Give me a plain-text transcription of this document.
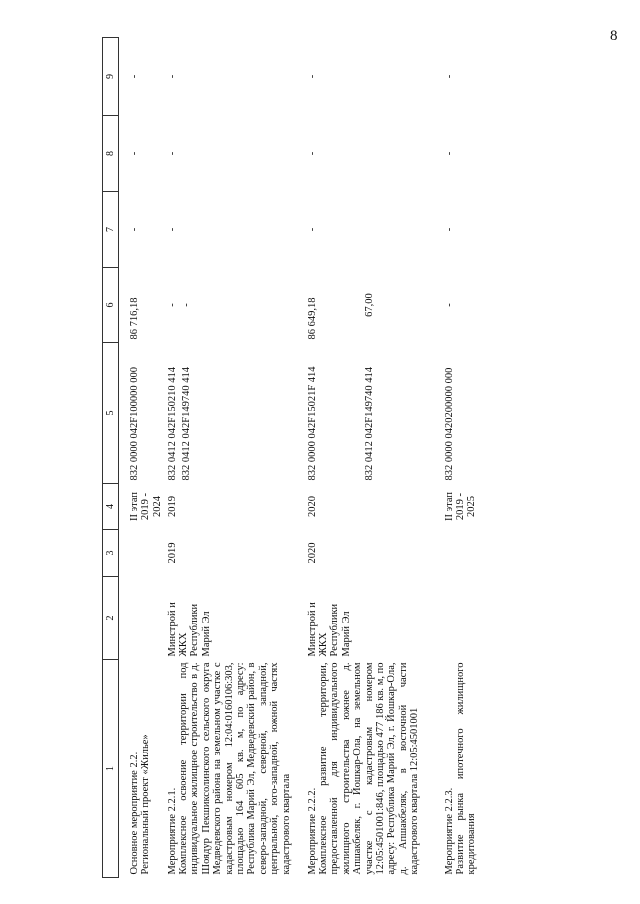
8
1	2	3	4	5	6	7	8	9

Основное мероприятие 2.2. Региональный проект «Жилье»			II этап 2019 - 2024	832 0000 042F100000 000	86 716,18	-	-	-

Мероприятие 2.2.1. Комплексное освоение территории под индивидуальное жилищное строительство в д. Шоядур Пекшиксолинского сельского округа Медведевского района на земельном участке с кадастровым номером 12:04:0160106:303, площадью 164 605 кв. м, по адресу: Республика Марий Эл, Медведевский район, в северо-западной, северной, западной, центральной, юго-западной, южной частях кадастрового квартала	Минстрой и ЖКХ Республики Марий Эл	2019	2019	832 0412 042F150210 414 832 0412 042F149740 414	- -	-	-	-

Мероприятие 2.2.2. Комплексное развитие территории, предоставленной для индивидуального жилищного строительства южнее д. Апшакбеляк, г. Йошкар-Ола, на земельном участке с кадастровым номером 12:05:4501001:846, площадью 477 186 кв. м, по адресу: Республика Марий Эл, г. Йошкар-Ола, д. Апшакбеляк, в восточной части кадастрового квартала 12:05:4501001	Минстрой и ЖКХ Республики Марий Эл	2020	2020	832 0000 042F15021F 414 832 0412 042F149740 414	86 649,18 67,00	-	-	-

Мероприятие 2.2.3. Развитие рынка ипотечного жилищного кредитования			II этап 2019 - 2025	832 0000 0420200000 000	-	-	-	-
